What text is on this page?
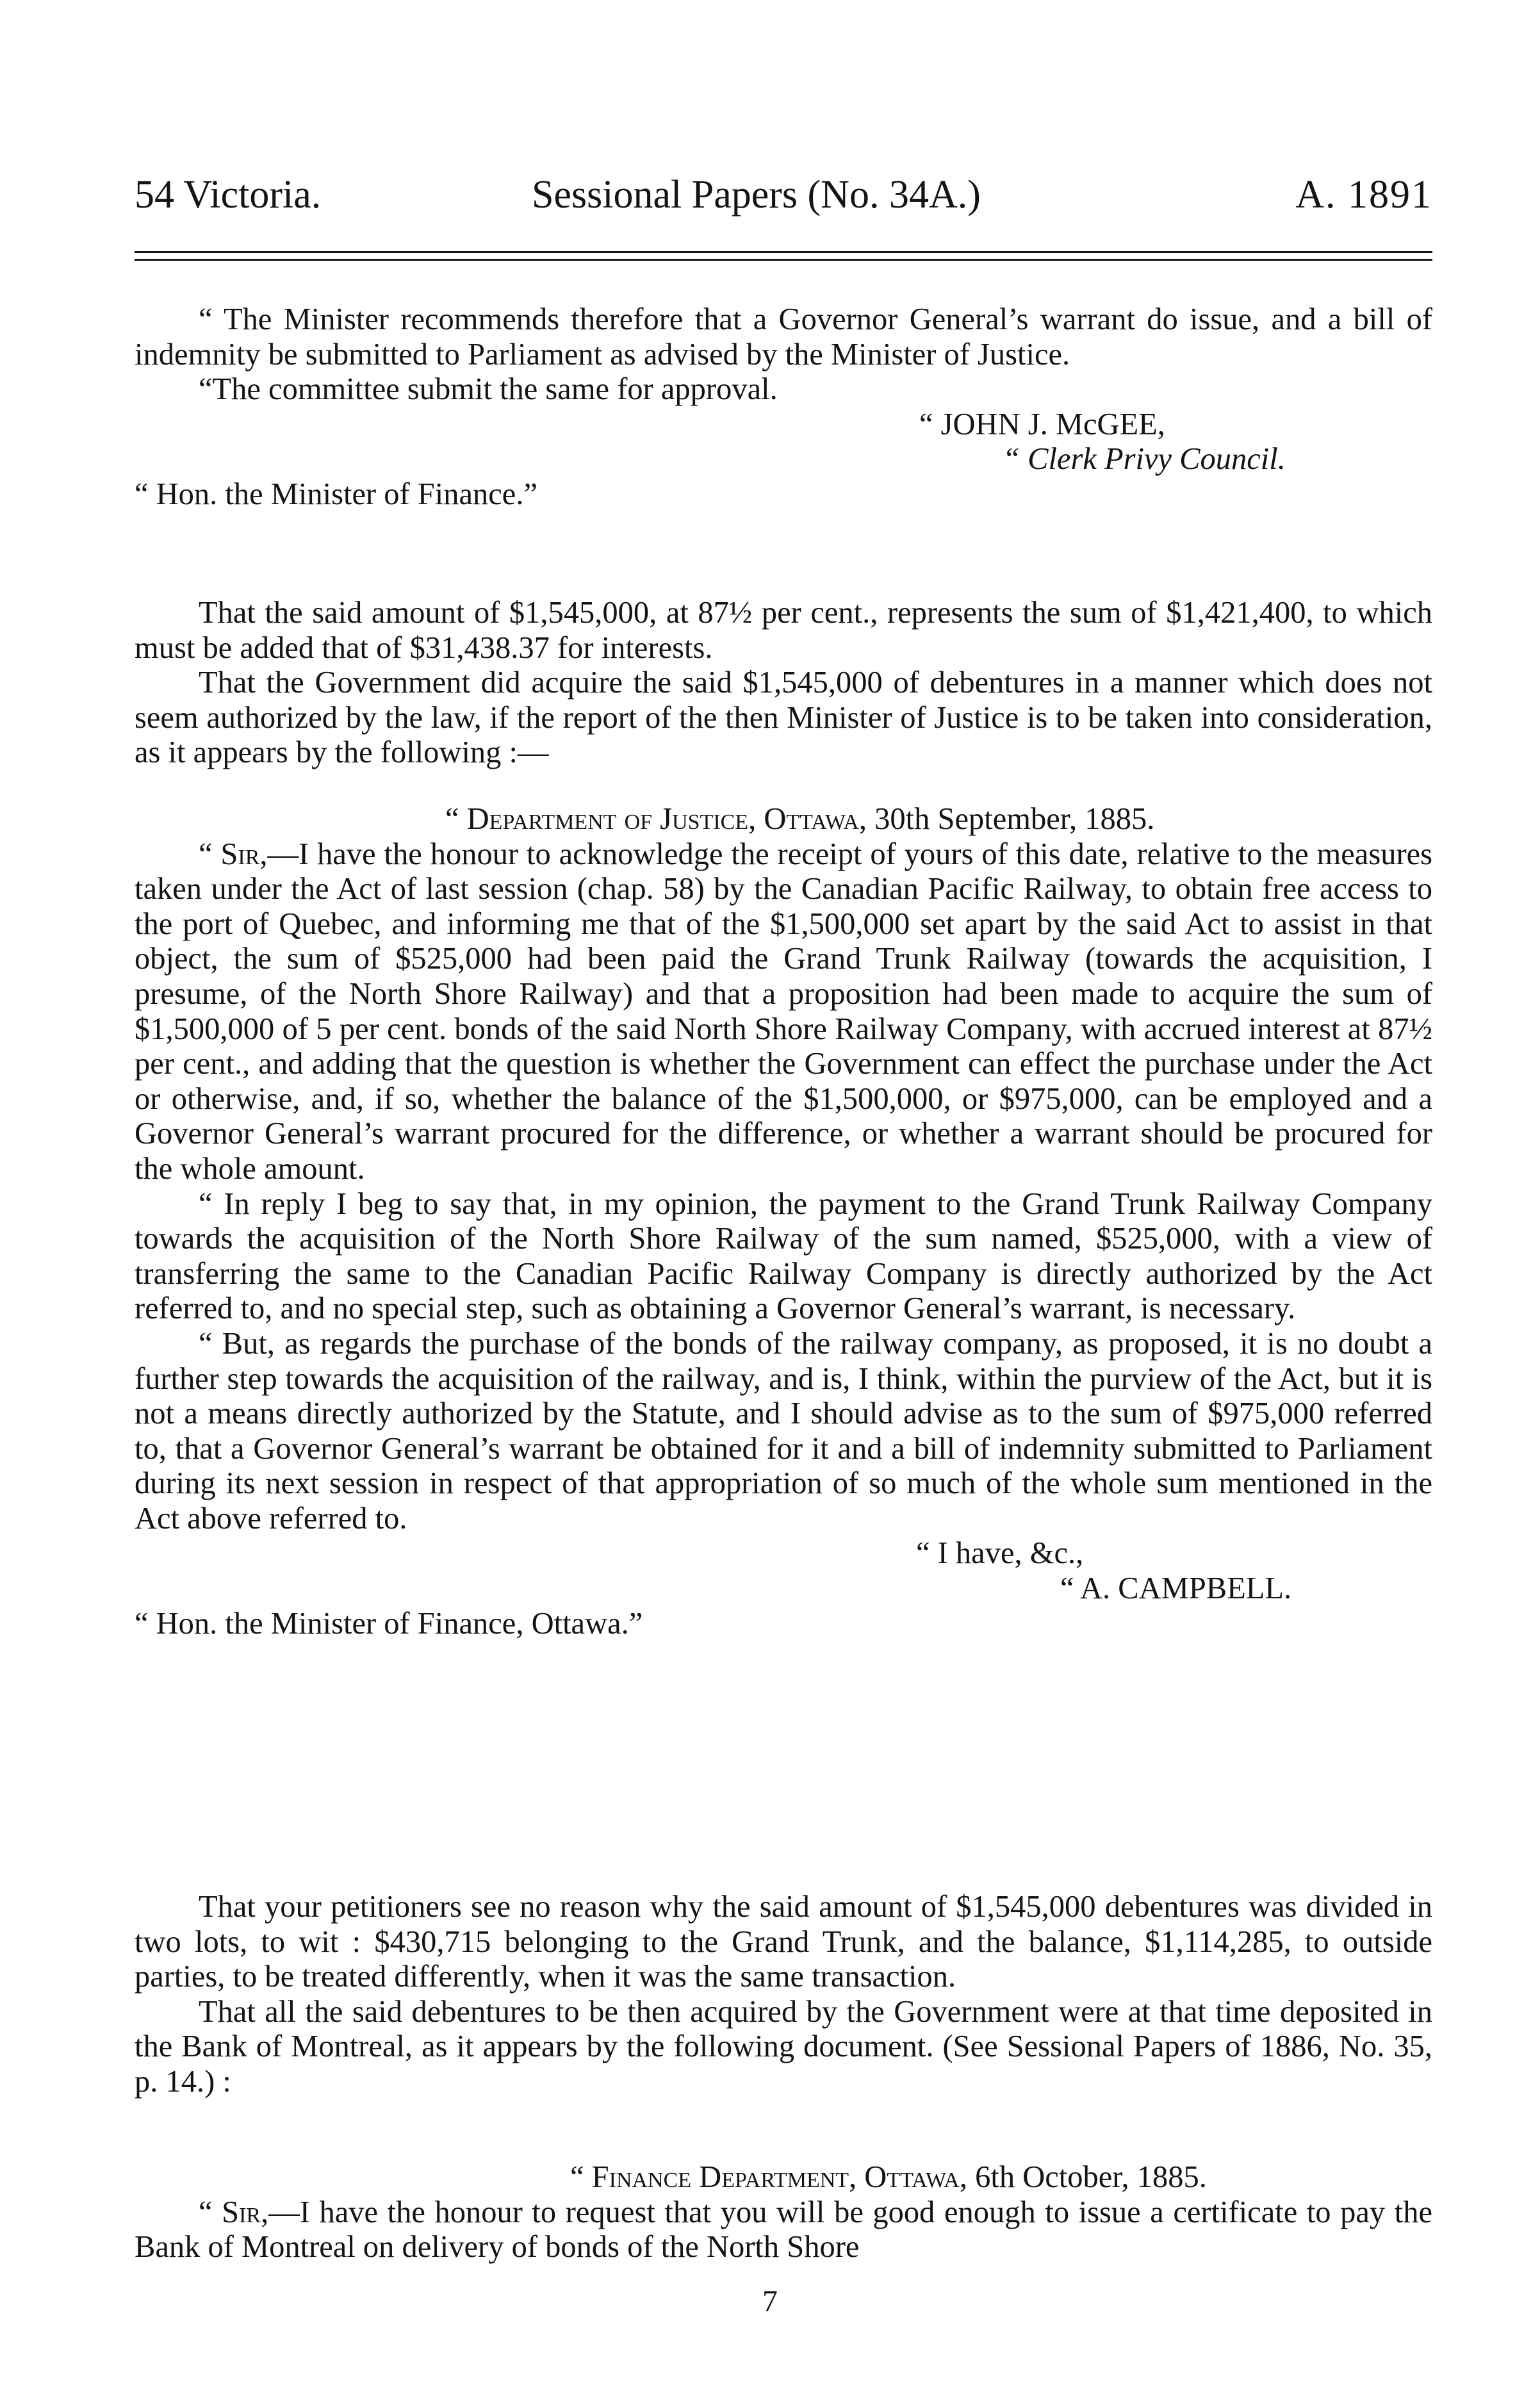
54 Victoria.	Sessional Papers (No. 34A.)	A. 1891

“ The Minister recommends therefore that a Governor General’s warrant do issue, and a bill of indemnity be submitted to Parliament as advised by the Minister of Justice.

“The committee submit the same for approval.

“ JOHN J. McGEE,

“ Clerk Privy Council.

“ Hon. the Minister of Finance.”

That the said amount of $1,545,000, at 87½ per cent., represents the sum of $1,421,400, to which must be added that of $31,438.37 for interests.

That the Government did acquire the said $1,545,000 of debentures in a manner which does not seem authorized by the law, if the report of the then Minister of Justice is to be taken into consideration, as it appears by the following :—

“ Department of Justice, Ottawa, 30th September, 1885.

“ Sir,—I have the honour to acknowledge the receipt of yours of this date, relative to the measures taken under the Act of last session (chap. 58) by the Canadian Pacific Railway, to obtain free access to the port of Quebec, and informing me that of the $1,500,000 set apart by the said Act to assist in that object, the sum of $525,000 had been paid the Grand Trunk Railway (towards the acquisition, I presume, of the North Shore Railway) and that a proposition had been made to acquire the sum of $1,500,000 of 5 per cent. bonds of the said North Shore Railway Company, with accrued interest at 87½ per cent., and adding that the question is whether the Government can effect the purchase under the Act or otherwise, and, if so, whether the balance of the $1,500,000, or $975,000, can be employed and a Governor General’s warrant procured for the difference, or whether a warrant should be procured for the whole amount.

“ In reply I beg to say that, in my opinion, the payment to the Grand Trunk Railway Company towards the acquisition of the North Shore Railway of the sum named, $525,000, with a view of transferring the same to the Canadian Pacific Railway Company is directly authorized by the Act referred to, and no special step, such as obtaining a Governor General’s warrant, is necessary.

“ But, as regards the purchase of the bonds of the railway company, as proposed, it is no doubt a further step towards the acquisition of the railway, and is, I think, within the purview of the Act, but it is not a means directly authorized by the Statute, and I should advise as to the sum of $975,000 referred to, that a Governor General’s warrant be obtained for it and a bill of indemnity submitted to Parliament during its next session in respect of that appropriation of so much of the whole sum mentioned in the Act above referred to.

“ I have, &c.,

“ A. CAMPBELL.

“ Hon. the Minister of Finance, Ottawa.”

That your petitioners see no reason why the said amount of $1,545,000 debentures was divided in two lots, to wit : $430,715 belonging to the Grand Trunk, and the balance, $1,114,285, to outside parties, to be treated differently, when it was the same transaction.

That all the said debentures to be then acquired by the Government were at that time deposited in the Bank of Montreal, as it appears by the following document. (See Sessional Papers of 1886, No. 35, p. 14.) :

“ Finance Department, Ottawa, 6th October, 1885.

“ Sir,—I have the honour to request that you will be good enough to issue a certificate to pay the Bank of Montreal on delivery of bonds of the North Shore

7
